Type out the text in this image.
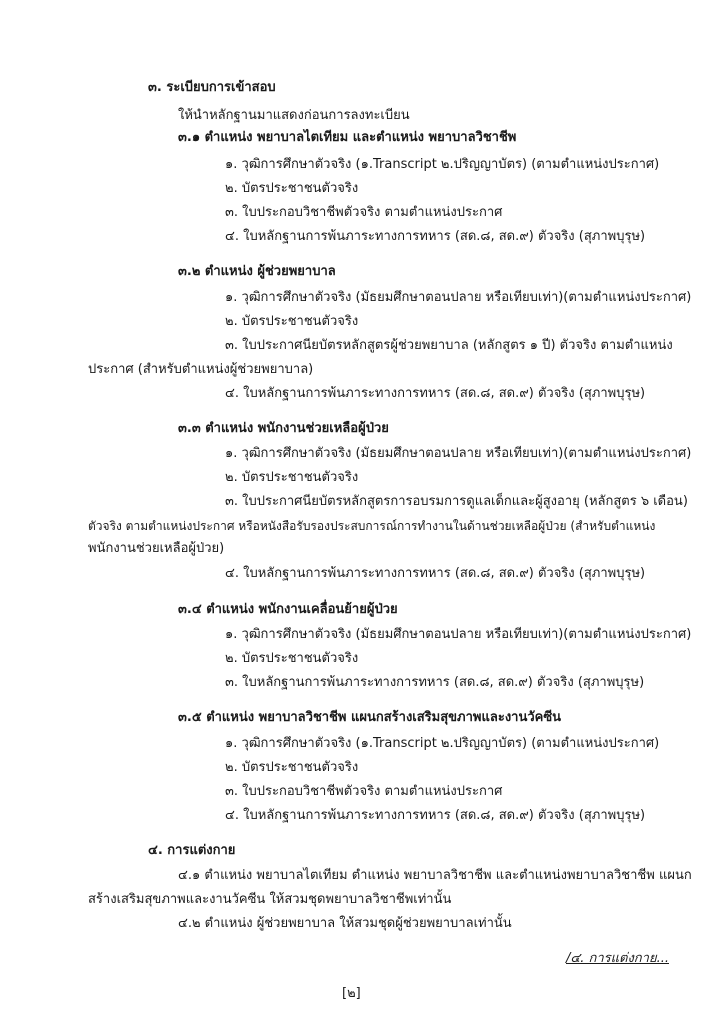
๓. ระเบียบการเข้าสอบ
ให้นำหลักฐานมาแสดงก่อนการลงทะเบียน
๓.๑ ตำแหน่ง พยาบาลไตเทียม และตำแหน่ง พยาบาลวิชาชีพ
๑. วุฒิการศึกษาตัวจริง (๑.Transcript ๒.ปริญญาบัตร) (ตามตำแหน่งประกาศ)
๒. บัตรประชาชนตัวจริง
๓. ใบประกอบวิชาชีพตัวจริง ตามตำแหน่งประกาศ
๔. ใบหลักฐานการพ้นภาระทางการทหาร (สด.๘, สด.๙) ตัวจริง (สุภาพบุรุษ)
๓.๒ ตำแหน่ง ผู้ช่วยพยาบาล
๑. วุฒิการศึกษาตัวจริง (มัธยมศึกษาตอนปลาย หรือเทียบเท่า)(ตามตำแหน่งประกาศ)
๒. บัตรประชาชนตัวจริง
๓. ใบประกาศนียบัตรหลักสูตรผู้ช่วยพยาบาล (หลักสูตร ๑ ปี) ตัวจริง ตามตำแหน่ง
ประกาศ (สำหรับตำแหน่งผู้ช่วยพยาบาล)
๔. ใบหลักฐานการพ้นภาระทางการทหาร (สด.๘, สด.๙) ตัวจริง (สุภาพบุรุษ)
๓.๓ ตำแหน่ง พนักงานช่วยเหลือผู้ป่วย
๑. วุฒิการศึกษาตัวจริง (มัธยมศึกษาตอนปลาย หรือเทียบเท่า)(ตามตำแหน่งประกาศ)
๒. บัตรประชาชนตัวจริง
๓. ใบประกาศนียบัตรหลักสูตรการอบรมการดูแลเด็กและผู้สูงอายุ (หลักสูตร ๖ เดือน)
ตัวจริง ตามตำแหน่งประกาศ หรือหนังสือรับรองประสบการณ์การทำงานในด้านช่วยเหลือผู้ป่วย (สำหรับตำแหน่ง
พนักงานช่วยเหลือผู้ป่วย)
๔. ใบหลักฐานการพ้นภาระทางการทหาร (สด.๘, สด.๙) ตัวจริง (สุภาพบุรุษ)
๓.๔ ตำแหน่ง พนักงานเคลื่อนย้ายผู้ป่วย
๑. วุฒิการศึกษาตัวจริง (มัธยมศึกษาตอนปลาย หรือเทียบเท่า)(ตามตำแหน่งประกาศ)
๒. บัตรประชาชนตัวจริง
๓. ใบหลักฐานการพ้นภาระทางการทหาร (สด.๘, สด.๙) ตัวจริง (สุภาพบุรุษ)
๓.๕ ตำแหน่ง พยาบาลวิชาชีพ แผนกสร้างเสริมสุขภาพและงานวัคซีน
๑. วุฒิการศึกษาตัวจริง (๑.Transcript ๒.ปริญญาบัตร) (ตามตำแหน่งประกาศ)
๒. บัตรประชาชนตัวจริง
๓. ใบประกอบวิชาชีพตัวจริง ตามตำแหน่งประกาศ
๔. ใบหลักฐานการพ้นภาระทางการทหาร (สด.๘, สด.๙) ตัวจริง (สุภาพบุรุษ)
๔. การแต่งกาย
๔.๑ ตำแหน่ง พยาบาลไตเทียม ตำแหน่ง พยาบาลวิชาชีพ และตำแหน่งพยาบาลวิชาชีพ แผนก
สร้างเสริมสุขภาพและงานวัคซีน ให้สวมชุดพยาบาลวิชาชีพเท่านั้น
๔.๒ ตำแหน่ง ผู้ช่วยพยาบาล ให้สวมชุดผู้ช่วยพยาบาลเท่านั้น
/๔. การแต่งกาย...
[๒]
